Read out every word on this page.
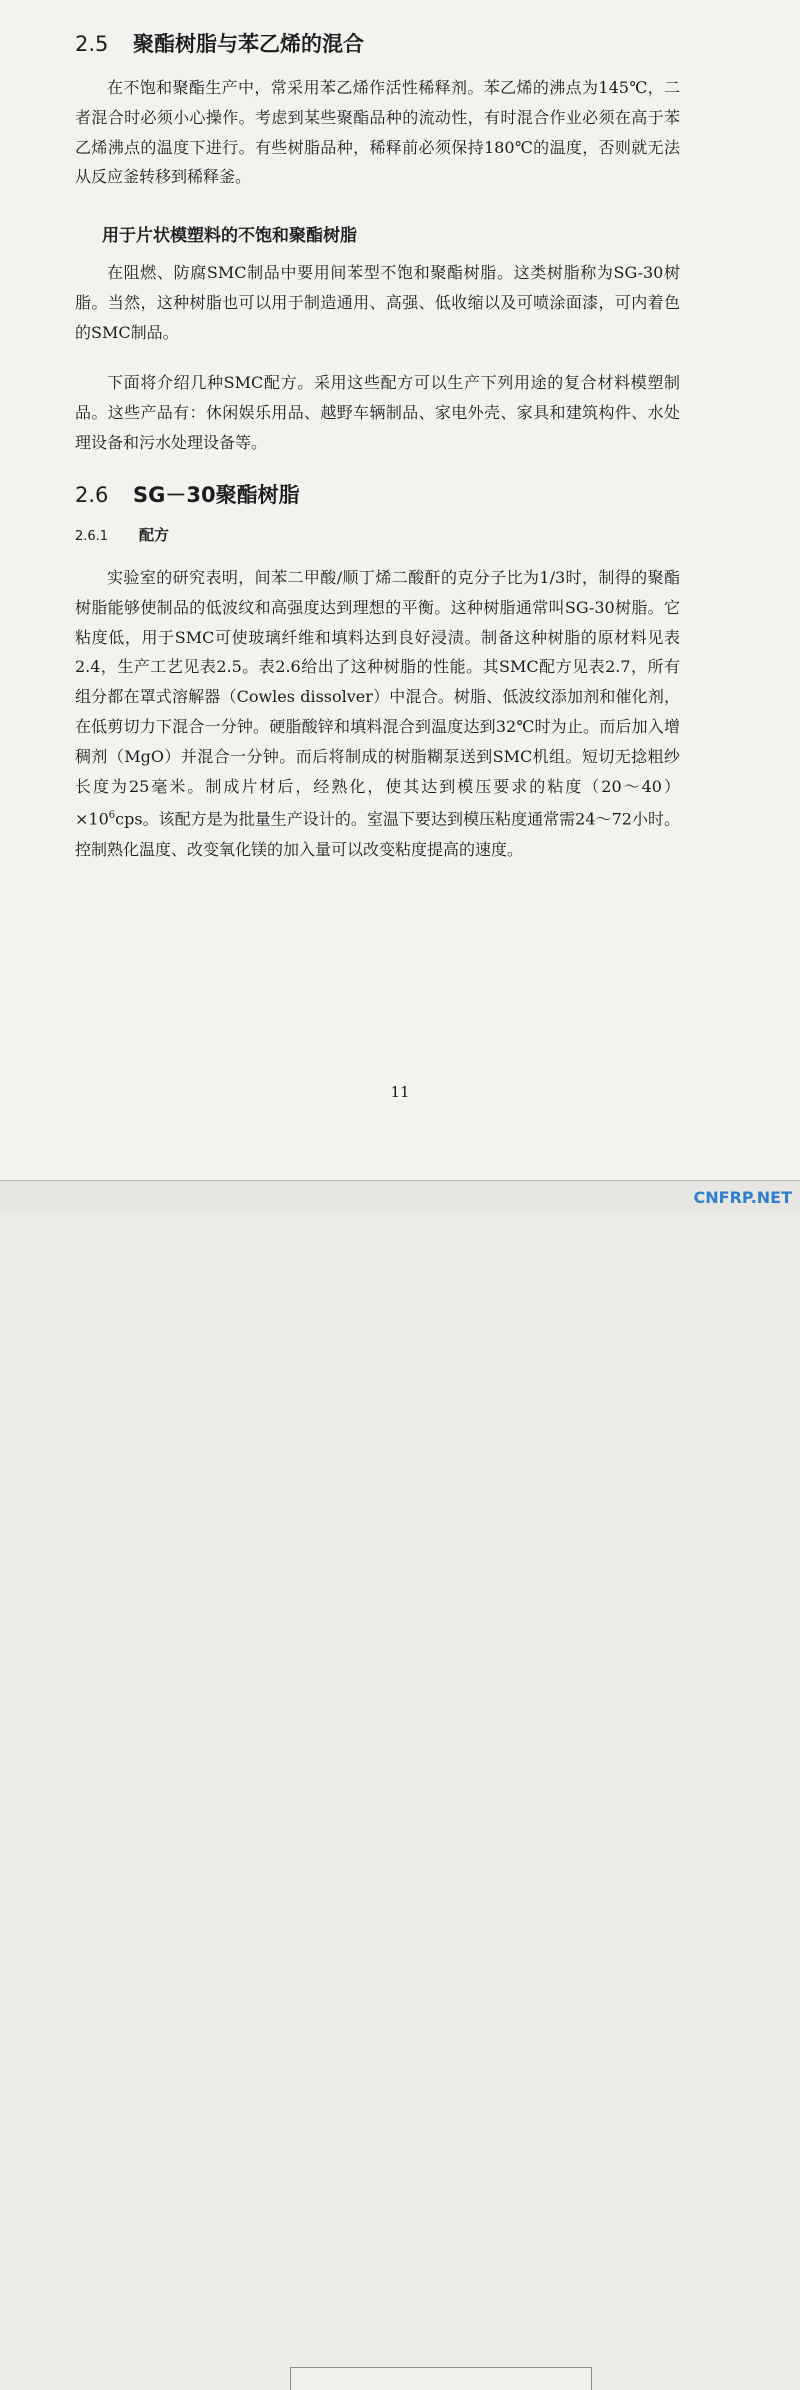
2.5 聚酯树脂与苯乙烯的混合

在不饱和聚酯生产中，常采用苯乙烯作活性稀释剂。苯乙烯的沸点为145℃，二者混合时必须小心操作。考虑到某些聚酯品种的流动性，有时混合作业必须在高于苯乙烯沸点的温度下进行。有些树脂品种，稀释前必须保持180℃的温度，否则就无法从反应釜转移到稀释釜。

用于片状模塑料的不饱和聚酯树脂

在阻燃、防腐SMC制品中要用间苯型不饱和聚酯树脂。这类树脂称为SG-30树脂。当然，这种树脂也可以用于制造通用、高强、低收缩以及可喷涂面漆，可内着色的SMC制品。

下面将介绍几种SMC配方。采用这些配方可以生产下列用途的复合材料模塑制品。这些产品有：休闲娱乐用品、越野车辆制品、家电外壳、家具和建筑构件、水处理设备和污水处理设备等。

2.6 SG－30聚酯树脂
2.6.1 配方

实验室的研究表明，间苯二甲酸/顺丁烯二酸酐的克分子比为1/3时，制得的聚酯树脂能够使制品的低波纹和高强度达到理想的平衡。这种树脂通常叫SG-30树脂。它粘度低，用于SMC可使玻璃纤维和填料达到良好浸渍。制备这种树脂的原材料见表2.4，生产工艺见表2.5。表2.6给出了这种树脂的性能。其SMC配方见表2.7，所有组分都在罩式溶解器（Cowles dissolver）中混合。树脂、低波纹添加剂和催化剂，在低剪切力下混合一分钟。硬脂酸锌和填料混合到温度达到32℃时为止。而后加入增稠剂（MgO）并混合一分钟。而后将制成的树脂糊泵送到SMC机组。短切无捻粗纱长度为25毫米。制成片材后，经熟化，使其达到模压要求的粘度$(20\sim 40)\times 10^6cps$。该配方是为批量生产设计的。室温下要达到模压粘度通常需24～72小时。控制熟化温度、改变氧化镁的加入量可以改变粘度提高的速度。

11
CNFRP.NET
